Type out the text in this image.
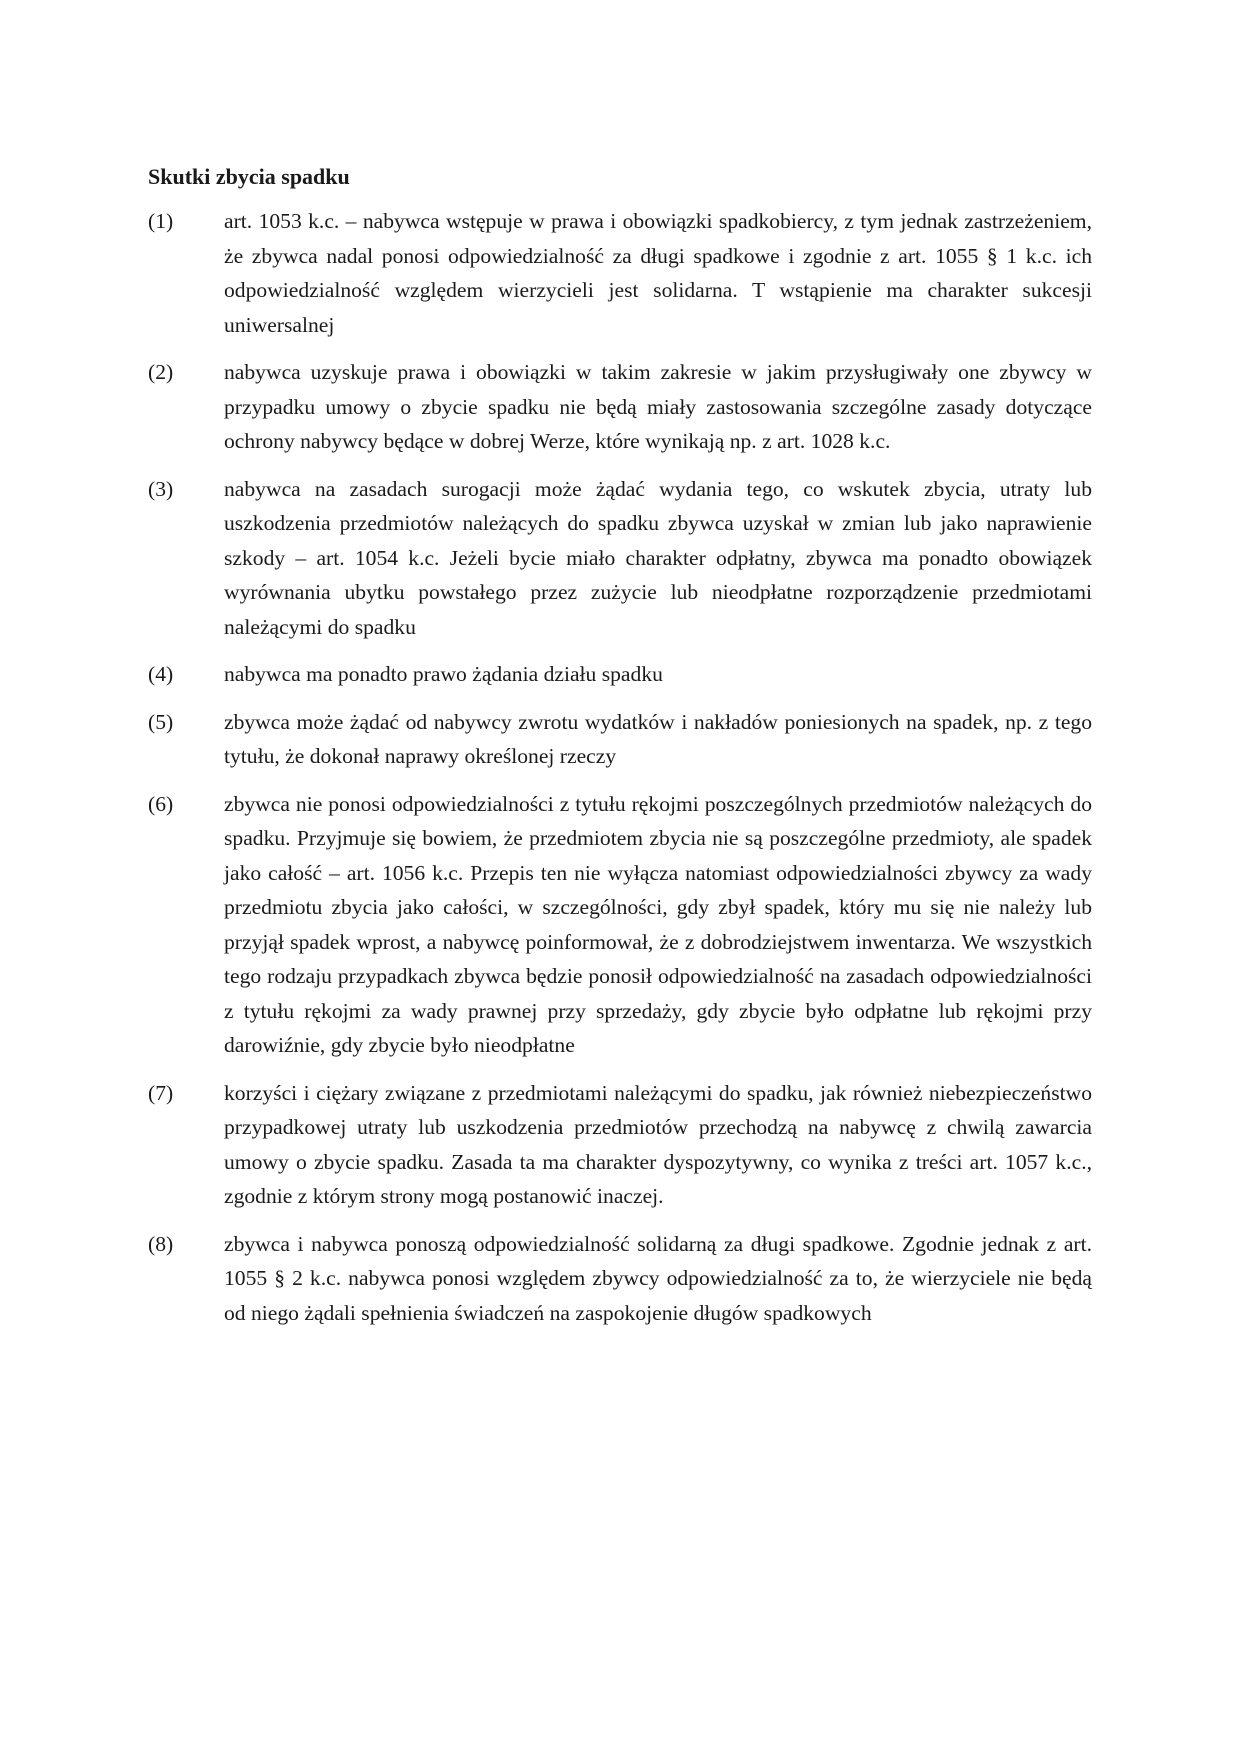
Skutki zbycia spadku
(1)	art. 1053 k.c. – nabywca wstępuje w prawa i obowiązki spadkobiercy, z tym jednak zastrzeżeniem, że zbywca nadal ponosi odpowiedzialność za długi spadkowe i zgodnie z art. 1055 § 1 k.c. ich odpowiedzialność względem wierzycieli jest solidarna. T wstąpienie ma charakter sukcesji uniwersalnej
(2)	nabywca uzyskuje prawa i obowiązki w takim zakresie w jakim przysługiwały one zbywcy w przypadku umowy o zbycie spadku nie będą miały zastosowania szczególne zasady dotyczące ochrony nabywcy będące w dobrej Werze, które wynikają np. z art. 1028 k.c.
(3)	nabywca na zasadach surogacji może żądać wydania tego, co wskutek zbycia, utraty lub uszkodzenia przedmiotów należących do spadku zbywca uzyskał w zmian lub jako naprawienie szkody – art. 1054 k.c. Jeżeli bycie miało charakter odpłatny, zbywca ma ponadto obowiązek wyrównania ubytku powstałego przez zużycie lub nieodpłatne rozporządzenie przedmiotami należącymi do spadku
(4)	nabywca ma ponadto prawo żądania działu spadku
(5)	zbywca może żądać od nabywcy zwrotu wydatków i nakładów poniesionych na spadek, np. z tego tytułu, że dokonał naprawy określonej rzeczy
(6)	zbywca nie ponosi odpowiedzialności z tytułu rękojmi poszczególnych przedmiotów należących do spadku. Przyjmuje się bowiem, że przedmiotem zbycia nie są poszczególne przedmioty, ale spadek jako całość – art. 1056 k.c. Przepis ten nie wyłącza natomiast odpowiedzialności zbywcy za wady przedmiotu zbycia jako całości, w szczególności, gdy zbył spadek, który mu się nie należy lub przyjął spadek wprost, a nabywcę poinformował, że z dobrodziejstwem inwentarza. We wszystkich tego rodzaju przypadkach zbywca będzie ponosił odpowiedzialność na zasadach odpowiedzialności z tytułu rękojmi za wady prawnej przy sprzedaży, gdy zbycie było odpłatne lub rękojmi przy darowiźnie, gdy zbycie było nieodpłatne
(7)	korzyści i ciężary związane z przedmiotami należącymi do spadku, jak również niebezpieczeństwo przypadkowej utraty lub uszkodzenia przedmiotów przechodzą na nabywcę z chwilą zawarcia umowy o zbycie spadku. Zasada ta ma charakter dyspozytywny, co wynika z treści art. 1057 k.c., zgodnie z którym strony mogą postanowić inaczej.
(8)	zbywca i nabywca ponoszą odpowiedzialność solidarną za długi spadkowe. Zgodnie jednak z art. 1055 § 2 k.c. nabywca ponosi względem zbywcy odpowiedzialność za to, że wierzyciele nie będą od niego żądali spełnienia świadczeń na zaspokojenie długów spadkowych
